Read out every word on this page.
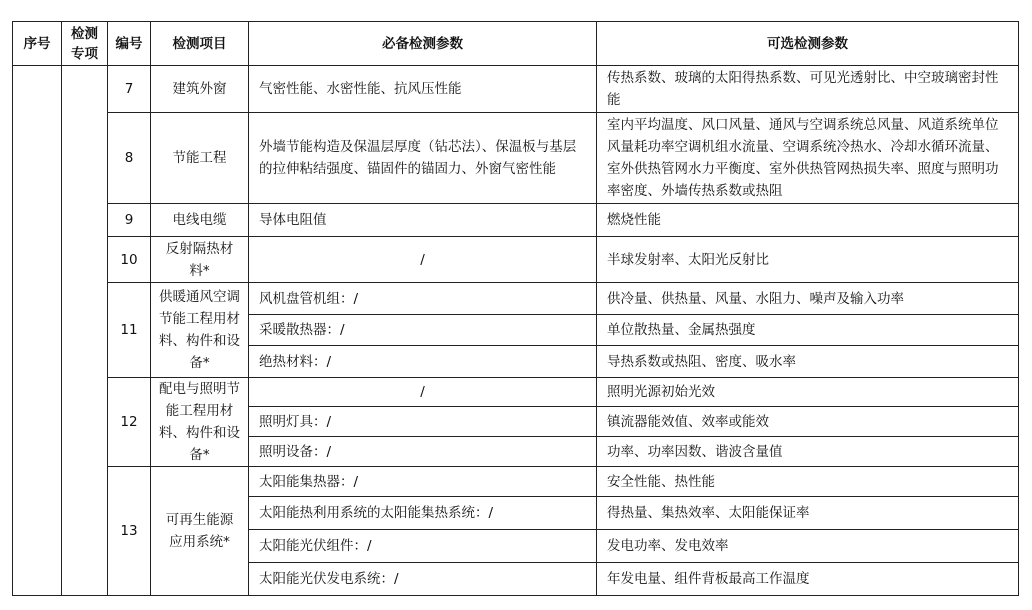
序号	检测专项	编号	检测项目	必备检测参数	可选检测参数
		7	建筑外窗	气密性能、水密性能、抗风压性能	传热系数、玻璃的太阳得热系数、可见光透射比、中空玻璃密封性能
		8	节能工程	外墙节能构造及保温层厚度（钻芯法）、保温板与基层的拉伸粘结强度、锚固件的锚固力、外窗气密性能	室内平均温度、风口风量、通风与空调系统总风量、风道系统单位风量耗功率空调机组水流量、空调系统冷热水、冷却水循环流量、室外供热管网水力平衡度、室外供热管网热损失率、照度与照明功率密度、外墙传热系数或热阻
		9	电线电缆	导体电阻值	燃烧性能
		10	反射隔热材料*	/	半球发射率、太阳光反射比
		11	供暖通风空调节能工程用材料、构件和设备*	风机盘管机组：/	供冷量、供热量、风量、水阻力、噪声及输入功率
				采暖散热器：/	单位散热量、金属热强度
				绝热材料：/	导热系数或热阻、密度、吸水率
		12	配电与照明节能工程用材料、构件和设备*	/	照明光源初始光效
				照明灯具：/	镇流器能效值、效率或能效
				照明设备：/	功率、功率因数、谐波含量值
		13	可再生能源应用系统*	太阳能集热器：/	安全性能、热性能
				太阳能热利用系统的太阳能集热系统：/	得热量、集热效率、太阳能保证率
				太阳能光伏组件：/	发电功率、发电效率
				太阳能光伏发电系统：/	年发电量、组件背板最高工作温度
